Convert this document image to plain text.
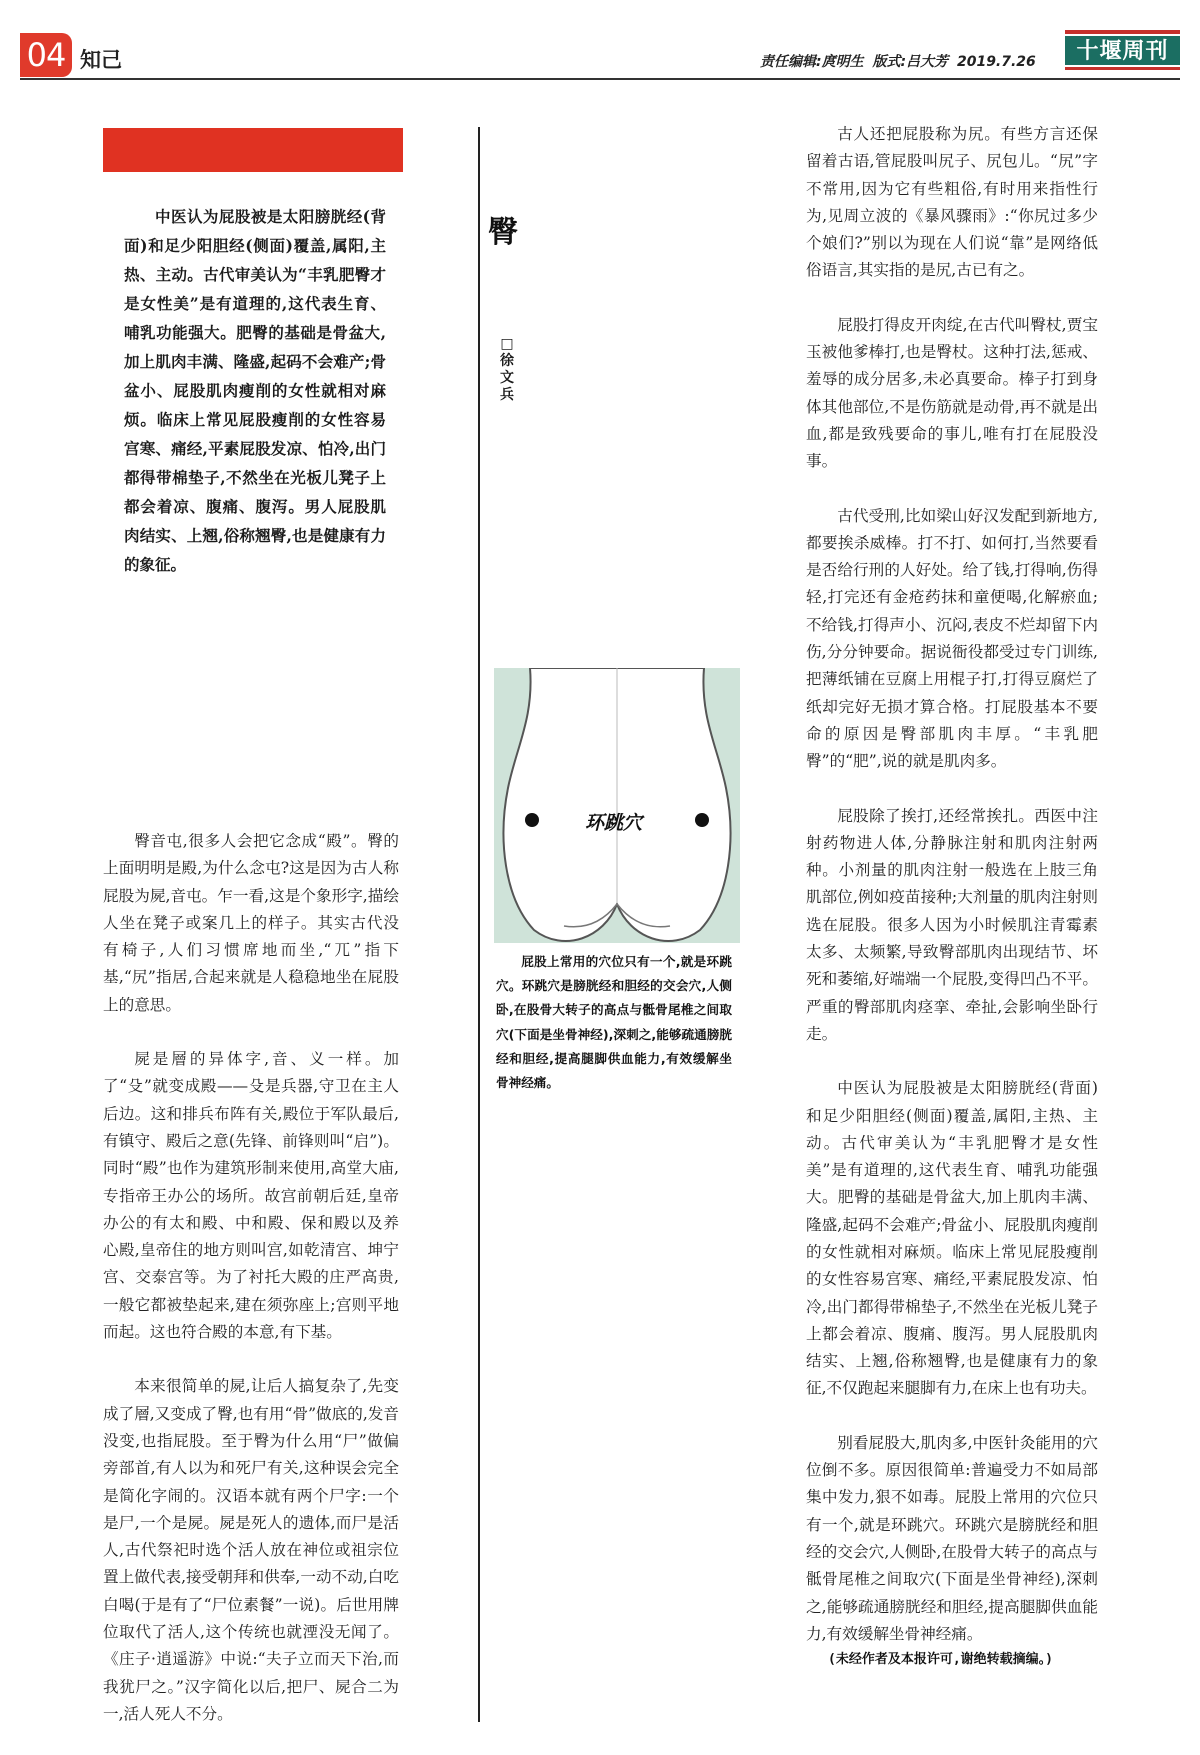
04 知己	责任编辑:庹明生 版式:吕大芳 2019.7.26	十堰周刊

中医认为屁股被是太阳膀胱经(背面)和足少阳胆经(侧面)覆盖,属阳,主热、主动。古代审美认为“丰乳肥臀才是女性美”是有道理的,这代表生育、哺乳功能强大。肥臀的基础是骨盆大,加上肌肉丰满、隆盛,起码不会难产;骨盆小、屁股肌肉瘦削的女性就相对麻烦。临床上常见屁股瘦削的女性容易宫寒、痛经,平素屁股发凉、怕冷,出门都得带棉垫子,不然坐在光板儿凳子上都会着凉、腹痛、腹泻。男人屁股肌肉结实、上翘,俗称翘臀,也是健康有力的象征。

臀音屯,很多人会把它念成“殿”。臀的上面明明是殿,为什么念屯?这是因为古人称屁股为屍,音屯。乍一看,这是个象形字,描绘人坐在凳子或案几上的样子。其实古代没有椅子,人们习惯席地而坐,“兀”指下基,“尻”指居,合起来就是人稳稳地坐在屁股上的意思。

屍是層的异体字,音、义一样。加了“殳”就变成殿——殳是兵器,守卫在主人后边。这和排兵布阵有关,殿位于军队最后,有镇守、殿后之意(先锋、前锋则叫“启”)。同时“殿”也作为建筑形制来使用,高堂大庙,专指帝王办公的场所。故宫前朝后廷,皇帝办公的有太和殿、中和殿、保和殿以及养心殿,皇帝住的地方则叫宫,如乾清宫、坤宁宫、交泰宫等。为了衬托大殿的庄严高贵,一般它都被垫起来,建在须弥座上;宫则平地而起。这也符合殿的本意,有下基。

本来很简单的屍,让后人搞复杂了,先变成了層,又变成了臀,也有用“骨”做底的,发音没变,也指屁股。至于臀为什么用“尸”做偏旁部首,有人以为和死尸有关,这种误会完全是简化字闹的。汉语本就有两个尸字:一个是尸,一个是屍。屍是死人的遗体,而尸是活人,古代祭祀时选个活人放在神位或祖宗位置上做代表,接受朝拜和供奉,一动不动,白吃白喝(于是有了“尸位素餐”一说)。后世用牌位取代了活人,这个传统也就湮没无闻了。《庄子·逍遥游》中说:“夫子立而天下治,而我犹尸之。”汉字简化以后,把尸、屍合二为一,活人死人不分。

臀
□徐文兵
环跳穴

屁股上常用的穴位只有一个,就是环跳穴。环跳穴是膀胱经和胆经的交会穴,人侧卧,在股骨大转子的高点与骶骨尾椎之间取穴(下面是坐骨神经),深刺之,能够疏通膀胱经和胆经,提高腿脚供血能力,有效缓解坐骨神经痛。

古人还把屁股称为尻。有些方言还保留着古语,管屁股叫尻子、尻包儿。“尻”字不常用,因为它有些粗俗,有时用来指性行为,见周立波的《暴风骤雨》:“你尻过多少个娘们?”别以为现在人们说“靠”是网络低俗语言,其实指的是尻,古已有之。

屁股打得皮开肉绽,在古代叫臀杖,贾宝玉被他爹棒打,也是臀杖。这种打法,惩戒、羞辱的成分居多,未必真要命。棒子打到身体其他部位,不是伤筋就是动骨,再不就是出血,都是致残要命的事儿,唯有打在屁股没事。

古代受刑,比如梁山好汉发配到新地方,都要挨杀威棒。打不打、如何打,当然要看是否给行刑的人好处。给了钱,打得响,伤得轻,打完还有金疮药抹和童便喝,化解瘀血;不给钱,打得声小、沉闷,表皮不烂却留下内伤,分分钟要命。据说衙役都受过专门训练,把薄纸铺在豆腐上用棍子打,打得豆腐烂了纸却完好无损才算合格。打屁股基本不要命的原因是臀部肌肉丰厚。“丰乳肥臀”的“肥”,说的就是肌肉多。

屁股除了挨打,还经常挨扎。西医中注射药物进人体,分静脉注射和肌肉注射两种。小剂量的肌肉注射一般选在上肢三角肌部位,例如疫苗接种;大剂量的肌肉注射则选在屁股。很多人因为小时候肌注青霉素太多、太频繁,导致臀部肌肉出现结节、坏死和萎缩,好端端一个屁股,变得凹凸不平。严重的臀部肌肉痉挛、牵扯,会影响坐卧行走。

中医认为屁股被是太阳膀胱经(背面)和足少阳胆经(侧面)覆盖,属阳,主热、主动。古代审美认为“丰乳肥臀才是女性美”是有道理的,这代表生育、哺乳功能强大。肥臀的基础是骨盆大,加上肌肉丰满、隆盛,起码不会难产;骨盆小、屁股肌肉瘦削的女性就相对麻烦。临床上常见屁股瘦削的女性容易宫寒、痛经,平素屁股发凉、怕冷,出门都得带棉垫子,不然坐在光板儿凳子上都会着凉、腹痛、腹泻。男人屁股肌肉结实、上翘,俗称翘臀,也是健康有力的象征,不仅跑起来腿脚有力,在床上也有功夫。

别看屁股大,肌肉多,中医针灸能用的穴位倒不多。原因很简单:普遍受力不如局部集中发力,狠不如毒。屁股上常用的穴位只有一个,就是环跳穴。环跳穴是膀胱经和胆经的交会穴,人侧卧,在股骨大转子的高点与骶骨尾椎之间取穴(下面是坐骨神经),深刺之,能够疏通膀胱经和胆经,提高腿脚供血能力,有效缓解坐骨神经痛。

(未经作者及本报许可,谢绝转载摘编。)
